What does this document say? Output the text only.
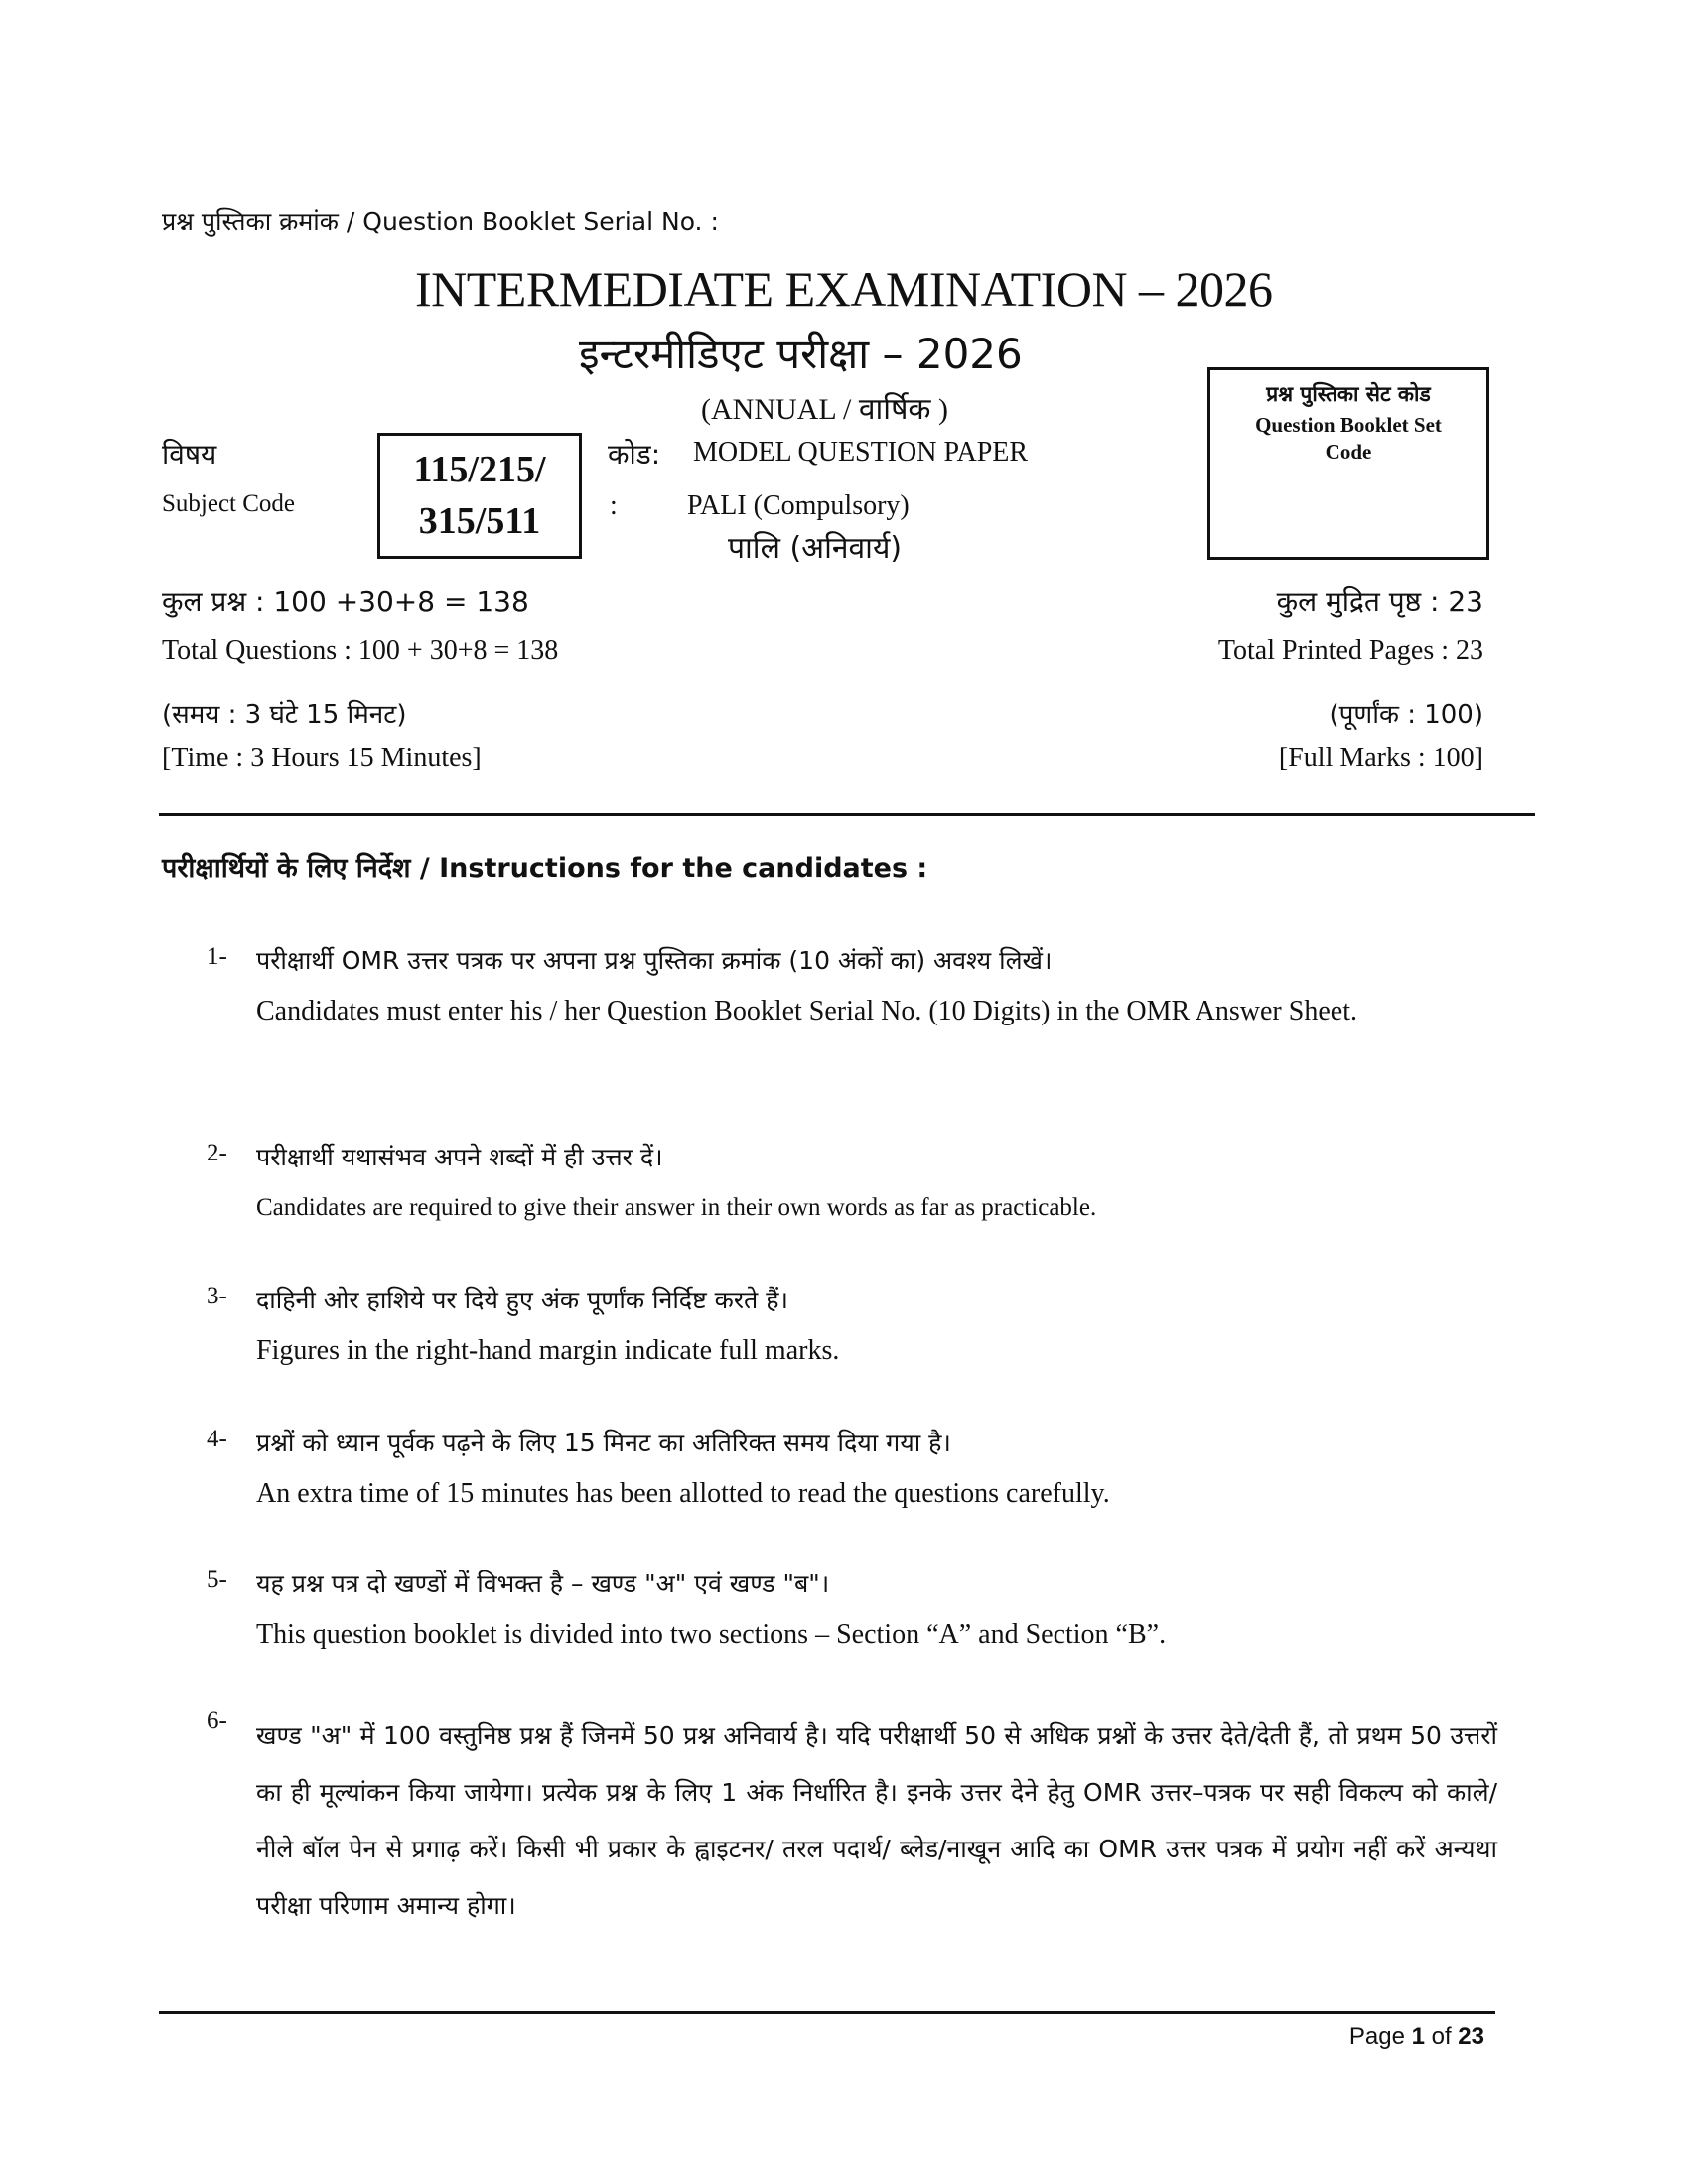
प्रश्न पुस्तिका क्रमांक / Question Booklet Serial No. :
INTERMEDIATE EXAMINATION – 2026
इन्टरमीडिएट परीक्षा – 2026
(ANNUAL / वार्षिक )	प्रश्न पुस्तिका सेट कोड
Question Booklet Set Code
विषय
Subject Code
115/215/
315/511
कोड:
:
MODEL QUESTION PAPER
PALI (Compulsory)
पालि (अनिवार्य)
कुल प्रश्न : 100 +30+8 = 138
Total Questions : 100 + 30+8 = 138
(समय : 3 घंटे 15 मिनट)
[Time : 3 Hours 15 Minutes]
कुल मुद्रित पृष्ठ : 23
Total Printed Pages : 23
(पूर्णांक : 100)
[Full Marks : 100]
परीक्षार्थियों के लिए निर्देश / Instructions for the candidates :
1- परीक्षार्थी OMR उत्तर पत्रक पर अपना प्रश्न पुस्तिका क्रमांक (10 अंकों का) अवश्य लिखें।
Candidates must enter his / her Question Booklet Serial No. (10 Digits) in the OMR Answer Sheet.
2- परीक्षार्थी यथासंभव अपने शब्दों में ही उत्तर दें।
Candidates are required to give their answer in their own words as far as practicable.
3- दाहिनी ओर हाशिये पर दिये हुए अंक पूर्णांक निर्दिष्ट करते हैं।
Figures in the right-hand margin indicate full marks.
4- प्रश्नों को ध्यान पूर्वक पढ़ने के लिए 15 मिनट का अतिरिक्त समय दिया गया है।
An extra time of 15 minutes has been allotted to read the questions carefully.
5- यह प्रश्न पत्र दो खण्डों में विभक्त है – खण्ड "अ" एवं खण्ड "ब"।
This question booklet is divided into two sections – Section “A” and Section “B”.
6-
खण्ड "अ" में 100 वस्तुनिष्ठ प्रश्न हैं जिनमें 50 प्रश्न अनिवार्य है। यदि परीक्षार्थी 50 से अधिक प्रश्नों के उत्तर देते/देती हैं, तो प्रथम 50 उत्तरों का ही मूल्यांकन किया जायेगा। प्रत्येक प्रश्न के लिए 1 अंक निर्धारित है। इनके उत्तर देने हेतु OMR उत्तर–पत्रक पर सही विकल्प को काले/नीले बॉल पेन से प्रगाढ़ करें। किसी भी प्रकार के ह्वाइटनर/ तरल पदार्थ/ ब्लेड/नाखून आदि का OMR उत्तर पत्रक में प्रयोग नहीं करें अन्यथा परीक्षा परिणाम अमान्य होगा।
Page 1 of 23
